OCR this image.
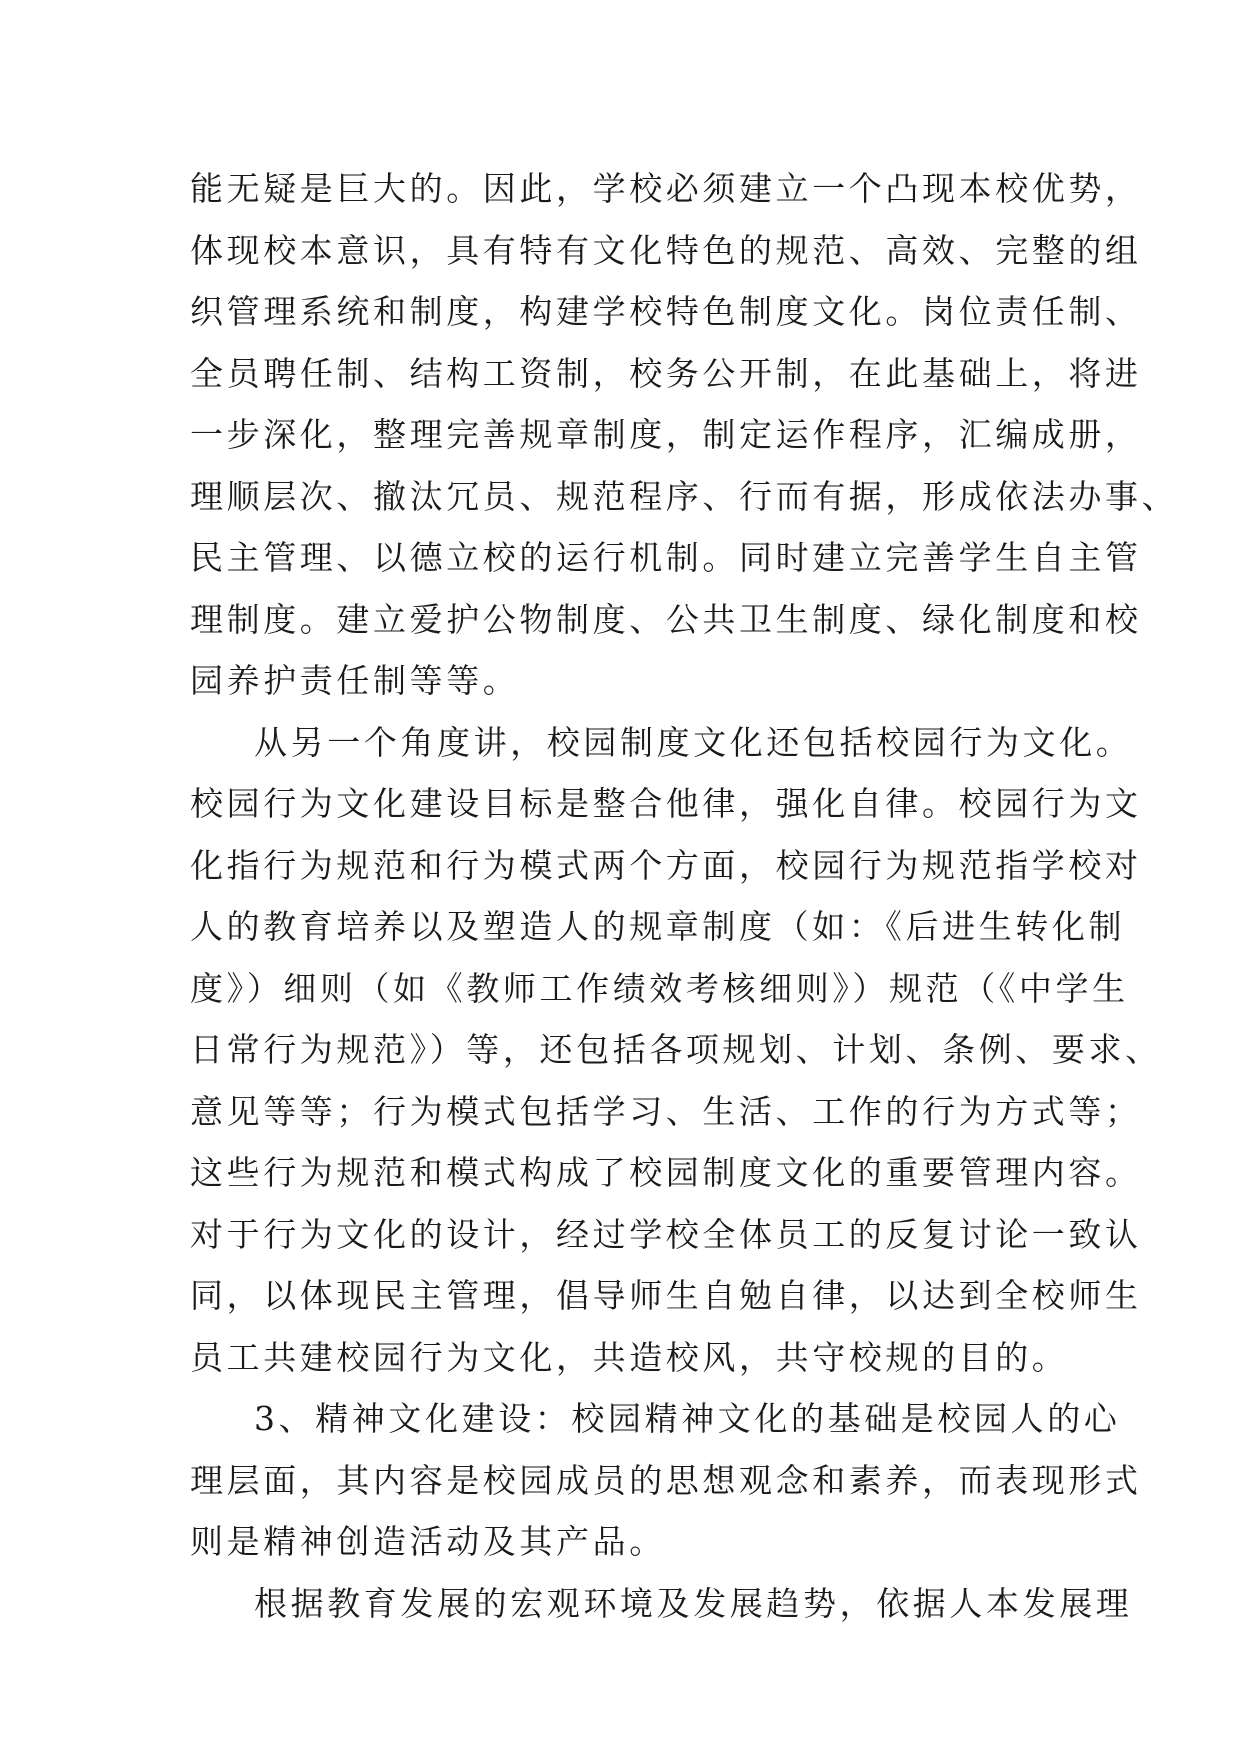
能无疑是巨大的。因此，学校必须建立一个凸现本校优势，
体现校本意识，具有特有文化特色的规范、高效、完整的组
织管理系统和制度，构建学校特色制度文化。岗位责任制、
全员聘任制、结构工资制，校务公开制，在此基础上，将进
一步深化，整理完善规章制度，制定运作程序，汇编成册，
理顺层次、撤汰冗员、规范程序、行而有据，形成依法办事、
民主管理、以德立校的运行机制。同时建立完善学生自主管
理制度。建立爱护公物制度、公共卫生制度、绿化制度和校
园养护责任制等等。
从另一个角度讲，校园制度文化还包括校园行为文化。
校园行为文化建设目标是整合他律，强化自律。校园行为文
化指行为规范和行为模式两个方面，校园行为规范指学校对
人的教育培养以及塑造人的规章制度（如：《后进生转化制
度》）细则（如《教师工作绩效考核细则》）规范（《中学生
日常行为规范》）等，还包括各项规划、计划、条例、要求、
意见等等；行为模式包括学习、生活、工作的行为方式等；
这些行为规范和模式构成了校园制度文化的重要管理内容。
对于行为文化的设计，经过学校全体员工的反复讨论一致认
同，以体现民主管理，倡导师生自勉自律，以达到全校师生
员工共建校园行为文化，共造校风，共守校规的目的。
3、精神文化建设：校园精神文化的基础是校园人的心
理层面，其内容是校园成员的思想观念和素养，而表现形式
则是精神创造活动及其产品。
根据教育发展的宏观环境及发展趋势，依据人本发展理
